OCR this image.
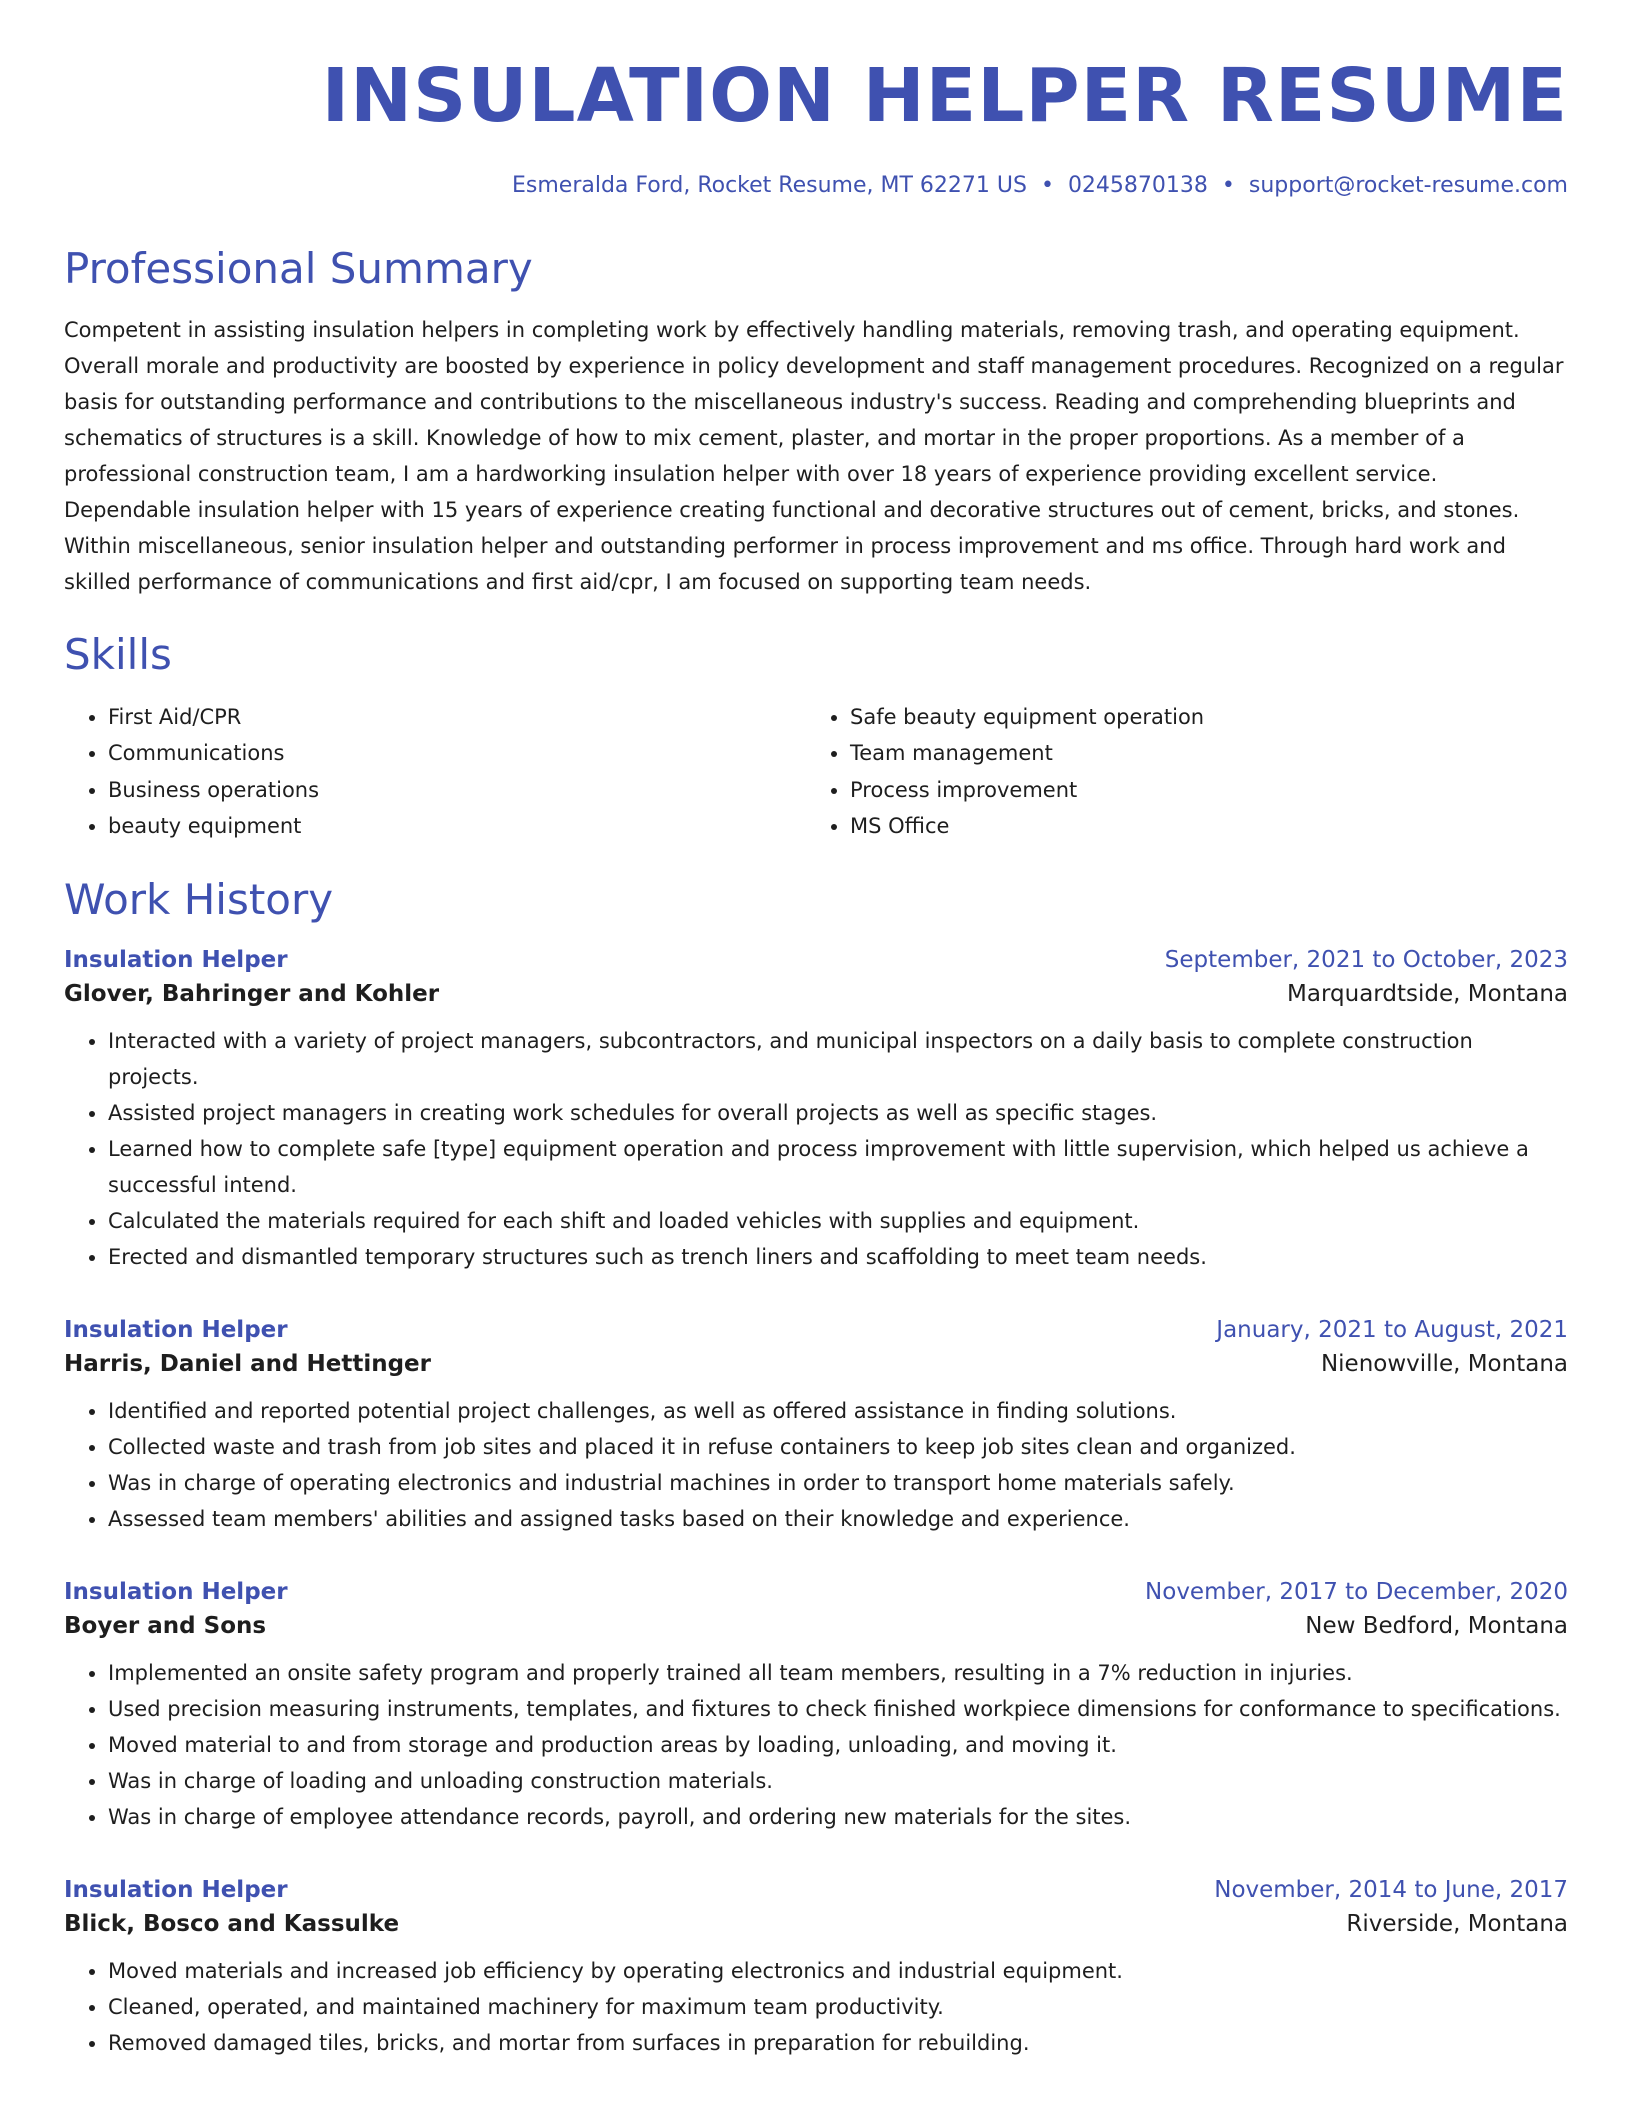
INSULATION HELPER RESUME
Esmeralda Ford, Rocket Resume, MT 62271 US • 0245870138 • support@rocket-resume.com
Professional Summary

Competent in assisting insulation helpers in completing work by effectively handling materials, removing trash, and operating equipment. Overall morale and productivity are boosted by experience in policy development and staff management procedures. Recognized on a regular basis for outstanding performance and contributions to the miscellaneous industry's success. Reading and comprehending blueprints and schematics of structures is a skill. Knowledge of how to mix cement, plaster, and mortar in the proper proportions. As a member of a professional construction team, I am a hardworking insulation helper with over 18 years of experience providing excellent service. Dependable insulation helper with 15 years of experience creating functional and decorative structures out of cement, bricks, and stones. Within miscellaneous, senior insulation helper and outstanding performer in process improvement and ms office. Through hard work and skilled performance of communications and first aid/cpr, I am focused on supporting team needs.

Skills
• First Aid/CPR
• Communications
• Business operations
• beauty equipment
• Safe beauty equipment operation
• Team management
• Process improvement
• MS Office
Work History
Insulation Helper	September, 2021 to October, 2023
Glover, Bahringer and Kohler	Marquardtside, Montana
• Interacted with a variety of project managers, subcontractors, and municipal inspectors on a daily basis to complete construction projects.
• Assisted project managers in creating work schedules for overall projects as well as specific stages.
• Learned how to complete safe [type] equipment operation and process improvement with little supervision, which helped us achieve a successful intend.
• Calculated the materials required for each shift and loaded vehicles with supplies and equipment.
• Erected and dismantled temporary structures such as trench liners and scaffolding to meet team needs.
Insulation Helper	January, 2021 to August, 2021
Harris, Daniel and Hettinger	Nienowville, Montana
• Identified and reported potential project challenges, as well as offered assistance in finding solutions.
• Collected waste and trash from job sites and placed it in refuse containers to keep job sites clean and organized.
• Was in charge of operating electronics and industrial machines in order to transport home materials safely.
• Assessed team members' abilities and assigned tasks based on their knowledge and experience.
Insulation Helper	November, 2017 to December, 2020
Boyer and Sons	New Bedford, Montana
• Implemented an onsite safety program and properly trained all team members, resulting in a 7% reduction in injuries.
• Used precision measuring instruments, templates, and fixtures to check finished workpiece dimensions for conformance to specifications.
• Moved material to and from storage and production areas by loading, unloading, and moving it.
• Was in charge of loading and unloading construction materials.
• Was in charge of employee attendance records, payroll, and ordering new materials for the sites.
Insulation Helper	November, 2014 to June, 2017
Blick, Bosco and Kassulke	Riverside, Montana
• Moved materials and increased job efficiency by operating electronics and industrial equipment.
• Cleaned, operated, and maintained machinery for maximum team productivity.
• Removed damaged tiles, bricks, and mortar from surfaces in preparation for rebuilding.
